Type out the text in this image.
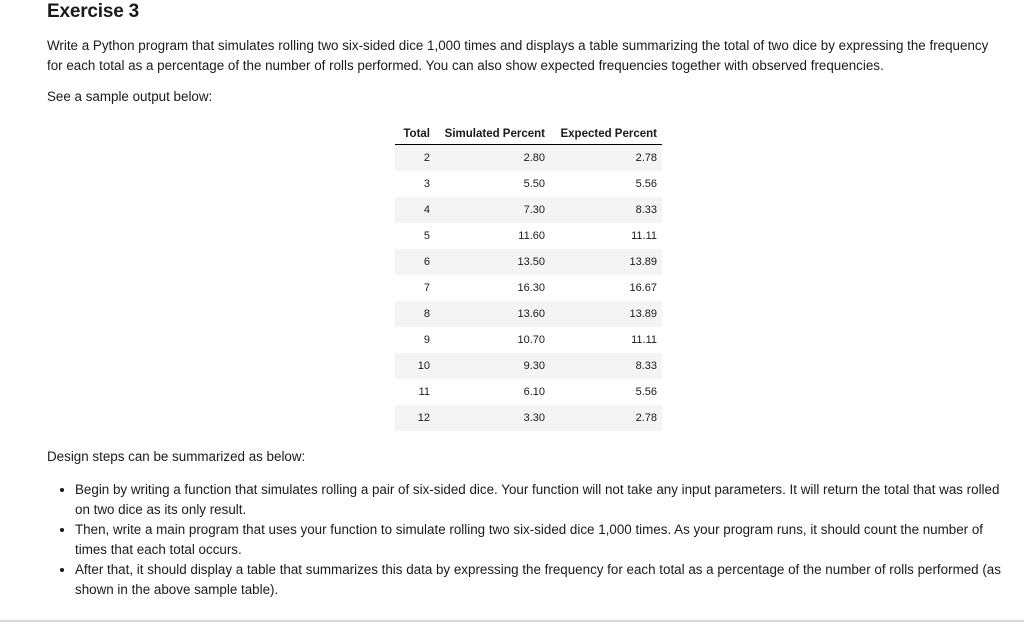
Exercise 3

Write a Python program that simulates rolling two six-sided dice 1,000 times and displays a table summarizing the total of two dice by expressing the frequency for each total as a percentage of the number of rolls performed. You can also show expected frequencies together with observed frequencies.

See a sample output below:

Total	Simulated Percent	Expected Percent
2	2.80	2.78
3	5.50	5.56
4	7.30	8.33
5	11.60	11.11
6	13.50	13.89
7	16.30	16.67
8	13.60	13.89
9	10.70	11.11
10	9.30	8.33
11	6.10	5.56
12	3.30	2.78

Design steps can be summarized as below:

• Begin by writing a function that simulates rolling a pair of six-sided dice. Your function will not take any input parameters. It will return the total that was rolled on two dice as its only result.
• Then, write a main program that uses your function to simulate rolling two six-sided dice 1,000 times. As your program runs, it should count the number of times that each total occurs.
• After that, it should display a table that summarizes this data by expressing the frequency for each total as a percentage of the number of rolls performed (as shown in the above sample table).
